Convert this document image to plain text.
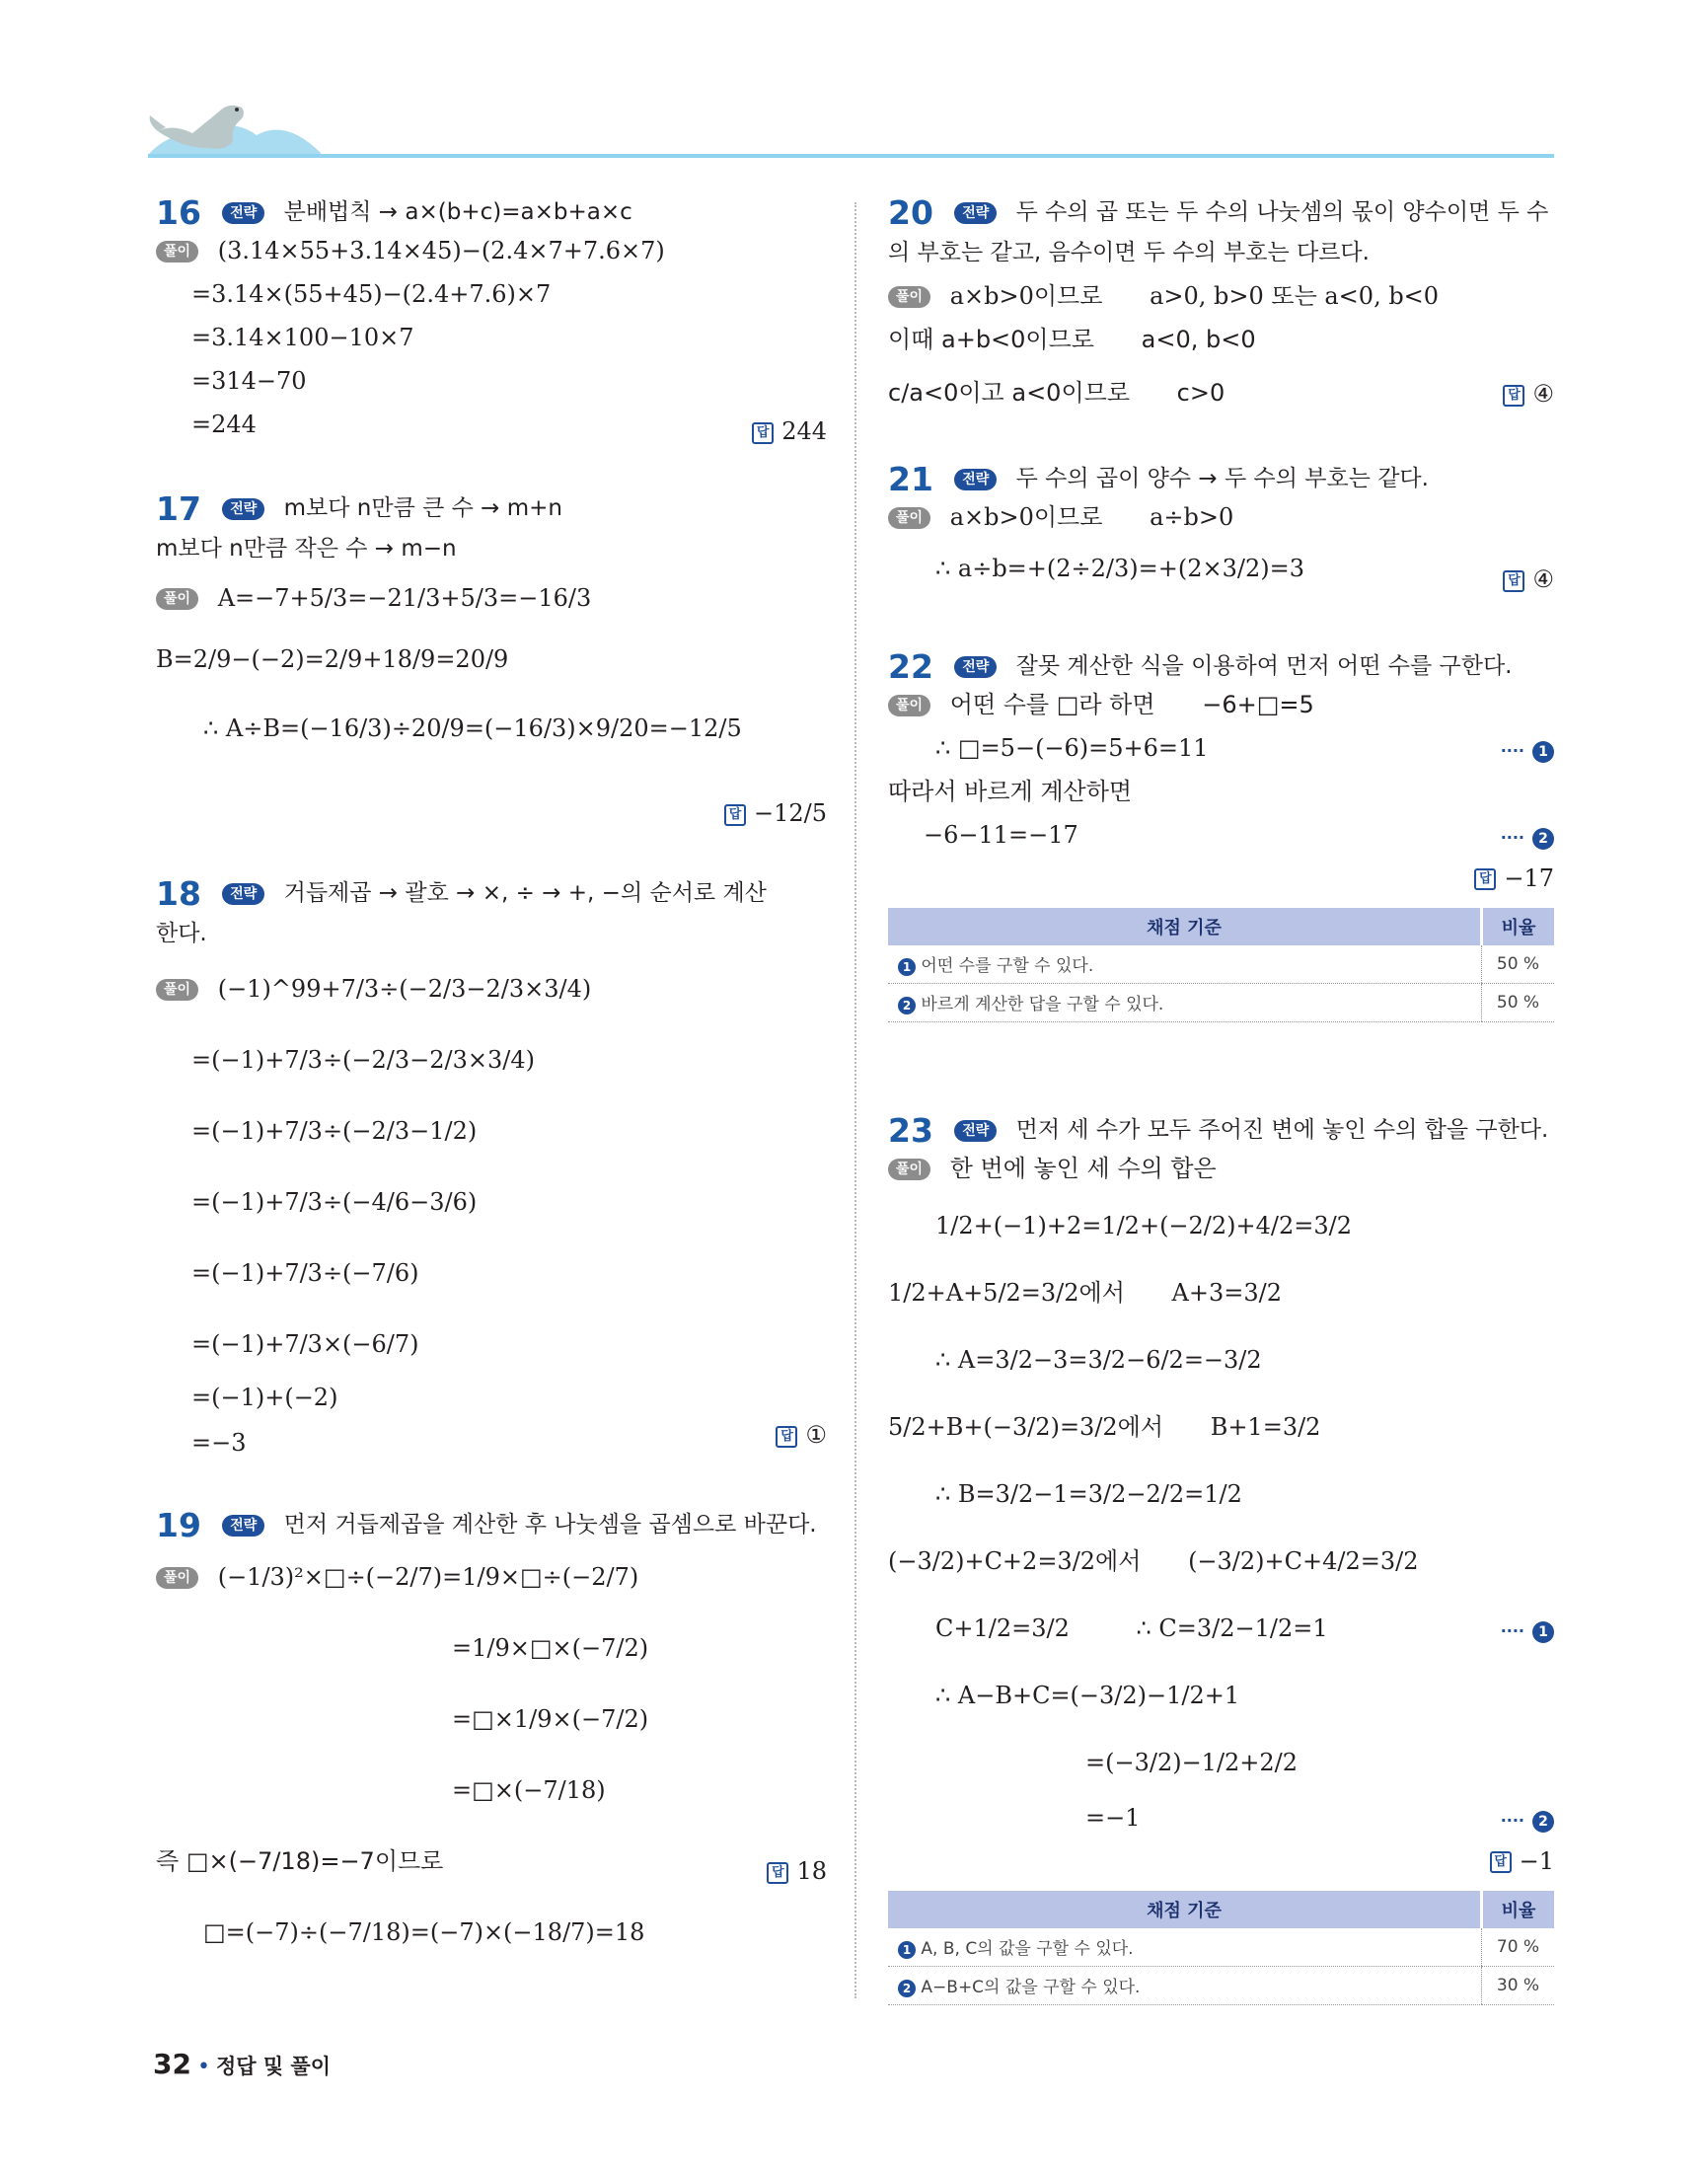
16 전략 분배법칙 → a×(b+c)=a×b+a×c
풀이 (3.14×55+3.14×45)−(2.4×7+7.6×7)
=3.14×(55+45)−(2.4+7.6)×7
=3.14×100−10×7
=314−70
=244	답 244
17 전략 m보다 n만큼 큰 수 → m+n
m보다 n만큼 작은 수 → m−n
풀이 A=−7+5/3=−21/3+5/3=−16/3
B=2/9−(−2)=2/9+18/9=20/9
∴ A÷B=(−16/3)÷20/9=(−16/3)×9/20=−12/5
답 −12/5
18 전략 거듭제곱 → 괄호 → ×, ÷ → +, −의 순서로 계산
한다.
풀이 (−1)^99+7/3÷(−2/3−2/3×3/4)
=(−1)+7/3÷(−2/3−2/3×3/4)
=(−1)+7/3÷(−2/3−1/2)
=(−1)+7/3÷(−4/6−3/6)
=(−1)+7/3÷(−7/6)
=(−1)+7/3×(−6/7)
=(−1)+(−2)
=−3	답 ①
19 전략 먼저 거듭제곱을 계산한 후 나눗셈을 곱셈으로 바꾼다.
풀이 (−1/3)²×□÷(−2/7)=1/9×□÷(−2/7)
=1/9×□×(−7/2)
=□×1/9×(−7/2)
=□×(−7/18)
즉 □×(−7/18)=−7이므로
□=(−7)÷(−7/18)=(−7)×(−18/7)=18
답 18
20 전략 두 수의 곱 또는 두 수의 나눗셈의 몫이 양수이면 두 수
의 부호는 같고, 음수이면 두 수의 부호는 다르다.
풀이 a×b>0이므로 a>0, b>0 또는 a<0, b<0
이때 a+b<0이므로 a<0, b<0
c/a<0이고 a<0이므로 c>0	답 ④
21 전략 두 수의 곱이 양수 → 두 수의 부호는 같다.
풀이 a×b>0이므로 a÷b>0
∴ a÷b=+(2÷2/3)=+(2×3/2)=3	답 ④
22 전략 잘못 계산한 식을 이용하여 먼저 어떤 수를 구한다.
풀이 어떤 수를 □라 하면 −6+□=5
∴ □=5−(−6)=5+6=11	···· 1
따라서 바르게 계산하면
−6−11=−17	···· 2
답 −17
채점 기준	비율
1 어떤 수를 구할 수 있다.	50 %
2 바르게 계산한 답을 구할 수 있다.	50 %
23 전략 먼저 세 수가 모두 주어진 변에 놓인 수의 합을 구한다.
풀이 한 번에 놓인 세 수의 합은
1/2+(−1)+2=1/2+(−2/2)+4/2=3/2
1/2+A+5/2=3/2에서 A+3=3/2
∴ A=3/2−3=3/2−6/2=−3/2
5/2+B+(−3/2)=3/2에서 B+1=3/2
∴ B=3/2−1=3/2−2/2=1/2
(−3/2)+C+2=3/2에서 (−3/2)+C+4/2=3/2
C+1/2=3/2	∴ C=3/2−1/2=1	···· 1
∴ A−B+C=(−3/2)−1/2+1
=(−3/2)−1/2+2/2
=−1	···· 2
답 −1
채점 기준	비율
1 A, B, C의 값을 구할 수 있다.	70 %
2 A−B+C의 값을 구할 수 있다.	30 %
32 • 정답 및 풀이
